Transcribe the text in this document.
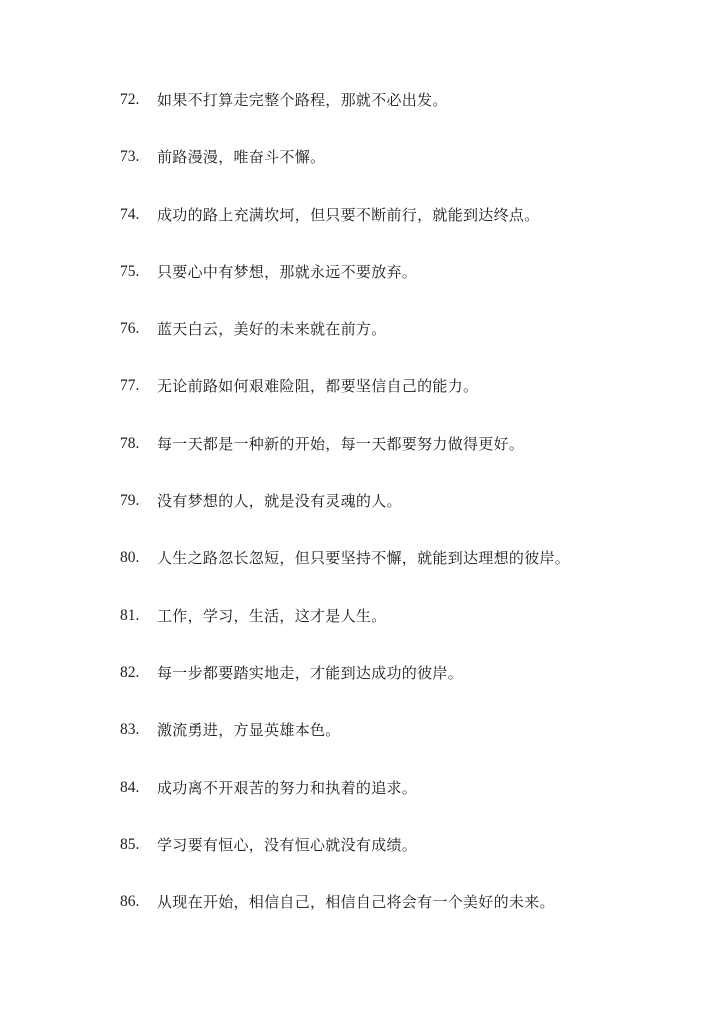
72.	如果不打算走完整个路程，那就不必出发。
73.	前路漫漫，唯奋斗不懈。
74.	成功的路上充满坎坷，但只要不断前行，就能到达终点。
75.	只要心中有梦想，那就永远不要放弃。
76.	蓝天白云，美好的未来就在前方。
77.	无论前路如何艰难险阻，都要坚信自己的能力。
78.	每一天都是一种新的开始，每一天都要努力做得更好。
79.	没有梦想的人，就是没有灵魂的人。
80.	人生之路忽长忽短，但只要坚持不懈，就能到达理想的彼岸。
81.	工作，学习，生活，这才是人生。
82.	每一步都要踏实地走，才能到达成功的彼岸。
83.	激流勇进，方显英雄本色。
84.	成功离不开艰苦的努力和执着的追求。
85.	学习要有恒心，没有恒心就没有成绩。
86.	从现在开始，相信自己，相信自己将会有一个美好的未来。
